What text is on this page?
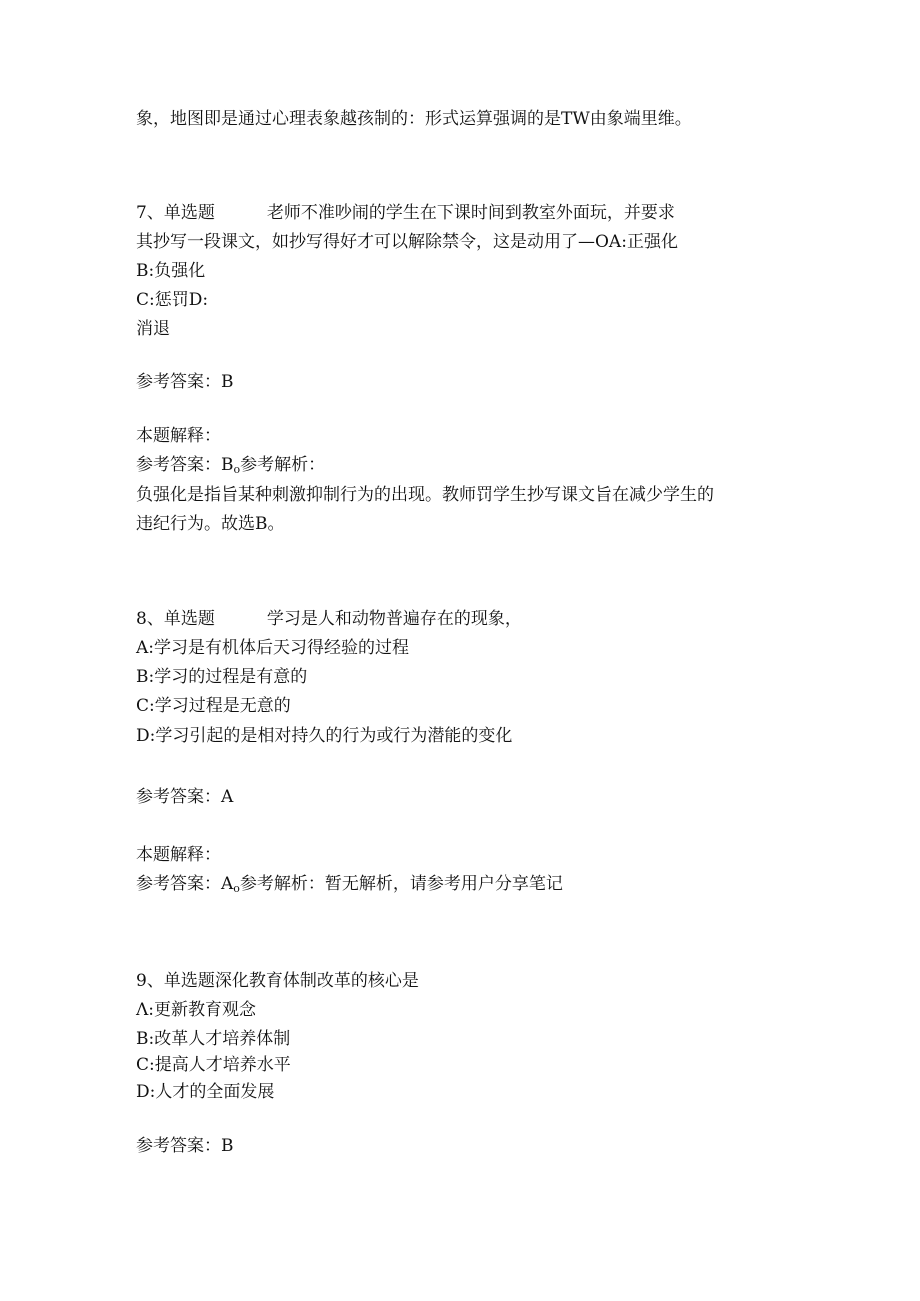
象，地图即是通过心理表象越孩制的：形式运算强调的是TW由象端里维。
7、单选题	老师不准吵闹的学生在下课时间到教室外面玩，并要求
其抄写一段课文，如抄写得好才可以解除禁令，这是动用了—OA:正强化
B:负强化
C:惩罚D:
消退
参考答案：B
本题解释：
参考答案：$B_o$参考解析：
负强化是指旨某种刺激抑制行为的出现。教师罚学生抄写课文旨在减少学生的
违纪行为。故选B。
8、单选题	学习是人和动物普遍存在的现象，
A:学习是有机体后天习得经验的过程
B:学习的过程是有意的
C:学习过程是无意的
D:学习引起的是相对持久的行为或行为潜能的变化
参考答案：A
本题解释：
参考答案：$A_o$参考解析：暂无解析，请参考用户分享笔记
9、单选题深化教育体制改革的核心是
Λ:更新教育观念
B:改革人才培养体制
C:提高人才培养水平
D:人才的全面发展
参考答案：B
